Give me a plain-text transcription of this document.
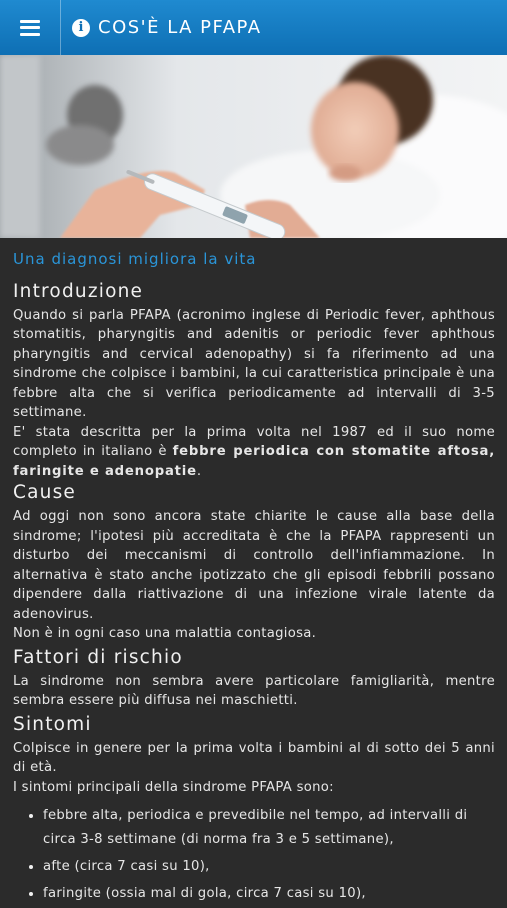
i COS'È LA PFAPA
Una diagnosi migliora la vita
Introduzione

Quando si parla PFAPA (acronimo inglese di Periodic fever, aphthous stomatitis, pharyngitis and adenitis or periodic fever aphthous pharyngitis and cervical adenopathy) si fa riferimento ad una sindrome che colpisce i bambini, la cui caratteristica principale è una febbre alta che si verifica periodicamente ad intervalli di 3-5 settimane.

E' stata descritta per la prima volta nel 1987 ed il suo nome completo in italiano è febbre periodica con stomatite aftosa, faringite e adenopatie.

Cause

Ad oggi non sono ancora state chiarite le cause alla base della sindrome; l'ipotesi più accreditata è che la PFAPA rappresenti un disturbo dei meccanismi di controllo dell'infiammazione. In alternativa è stato anche ipotizzato che gli episodi febbrili possano dipendere dalla riattivazione di una infezione virale latente da adenovirus.

Non è in ogni caso una malattia contagiosa.

Fattori di rischio

La sindrome non sembra avere particolare famigliarità, mentre sembra essere più diffusa nei maschietti.

Sintomi

Colpisce in genere per la prima volta i bambini al di sotto dei 5 anni di età.

I sintomi principali della sindrome PFAPA sono:

• febbre alta, periodica e prevedibile nel tempo, ad intervalli di circa 3-8 settimane (di norma fra 3 e 5 settimane),
• afte (circa 7 casi su 10),
• faringite (ossia mal di gola, circa 7 casi su 10),
